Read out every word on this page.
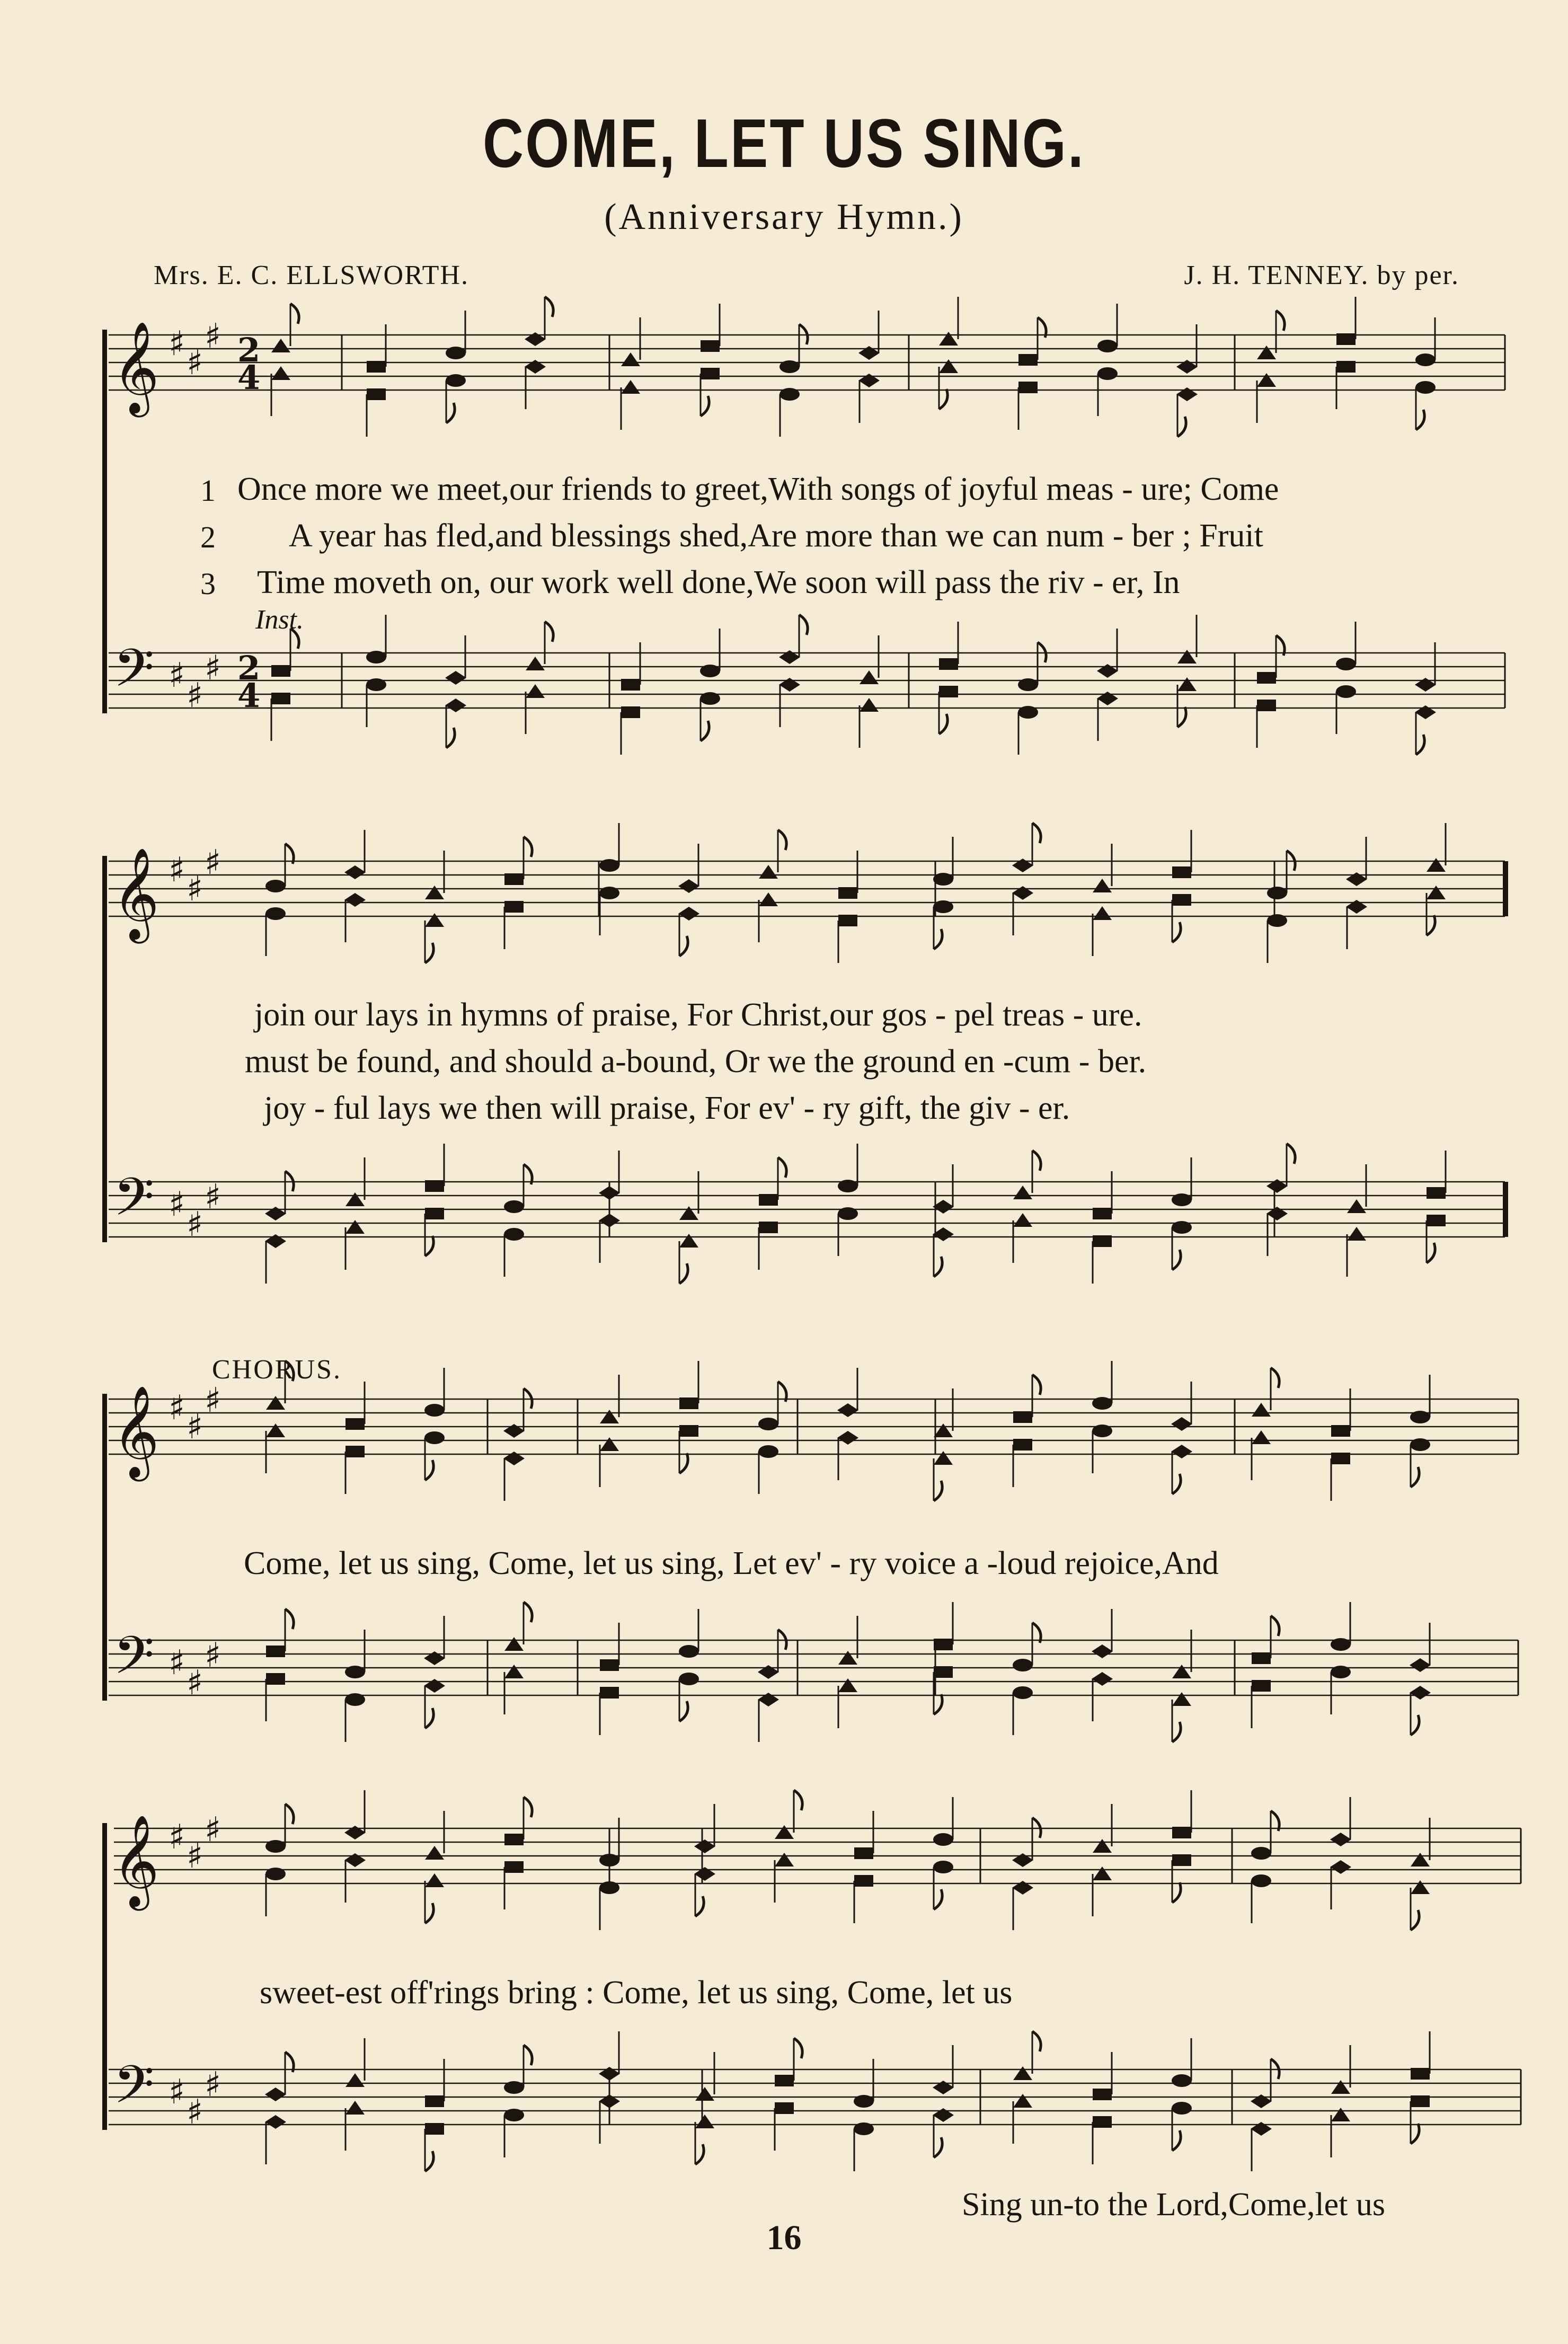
COME, LET US SING.
(Anniversary Hymn.)
Mrs. E. C. ELLSWORTH.	J. H. TENNEY. by per.
𝄞 ♯ ♯
♯ 2
4
𝄢 ♯
♯
♯ 2
4
𝄞 ♯ ♯
♯
𝄢 ♯
♯
♯
𝄞 ♯ ♯
♯
𝄢 ♯
♯
♯
𝄞 ♯ ♯
♯
𝄢 ♯
♯
♯
1 Once more we meet,our friends to greet,With songs of joyful meas - ure; Come
2 A year has fled,and blessings shed,Are more than we can num - ber ; Fruit
3 Time moveth on, our work well done,We soon will pass the riv - er, In
Inst.
join our lays in hymns of praise, For Christ,our gos - pel treas - ure.
must be found, and should a-bound, Or we the ground en -cum - ber.
joy - ful lays we then will praise, For ev' - ry gift, the giv - er.
CHORUS.
Come, let us sing, Come, let us sing, Let ev' - ry voice a -loud rejoice,And
sweet-est off'rings bring : Come, let us sing, Come, let us
Sing un-to the Lord,Come,let us
16
